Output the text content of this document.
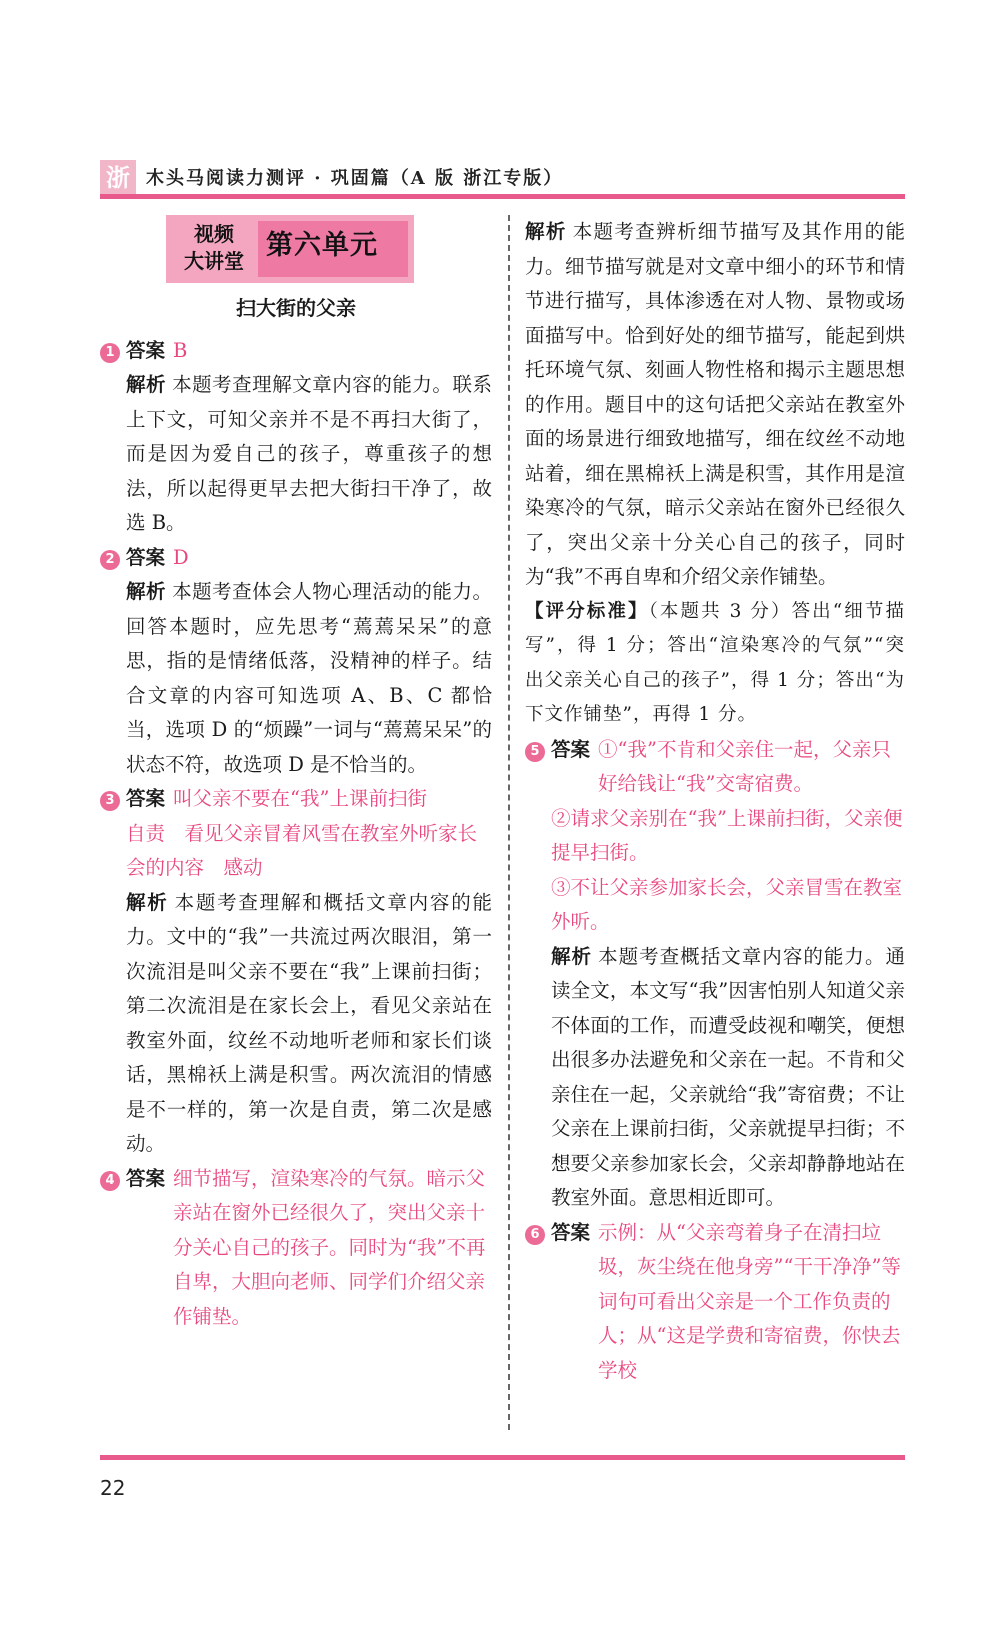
浙 木头马阅读力测评 · 巩固篇（A 版 浙江专版）
视频
大讲堂 第六单元
扫大街的父亲
1 答案 B
解析 本题考查理解文章内容的能力。联系上下文，可知父亲并不是不再扫大街了，而是因为爱自己的孩子，尊重孩子的想法，所以起得更早去把大街扫干净了，故选 B。
2 答案 D
解析 本题考查体会人物心理活动的能力。回答本题时，应先思考“蔫蔫呆呆”的意思，指的是情绪低落，没精神的样子。结合文章的内容可知选项 A、B、C 都恰当，选项 D 的“烦躁”一词与“蔫蔫呆呆”的状态不符，故选项 D 是不恰当的。
3 答案 叫父亲不要在“我”上课前扫街
自责　看见父亲冒着风雪在教室外听家长会的内容　感动
解析 本题考查理解和概括文章内容的能力。文中的“我”一共流过两次眼泪，第一次流泪是叫父亲不要在“我”上课前扫街；第二次流泪是在家长会上，看见父亲站在教室外面，纹丝不动地听老师和家长们谈话，黑棉袄上满是积雪。两次流泪的情感是不一样的，第一次是自责，第二次是感动。
4 答案 细节描写，渲染寒冷的气氛。暗示父亲站在窗外已经很久了，突出父亲十分关心自己的孩子。同时为“我”不再自卑，大胆向老师、同学们介绍父亲作铺垫。
解析 本题考查辨析细节描写及其作用的能力。细节描写就是对文章中细小的环节和情节进行描写，具体渗透在对人物、景物或场面描写中。恰到好处的细节描写，能起到烘托环境气氛、刻画人物性格和揭示主题思想的作用。题目中的这句话把父亲站在教室外面的场景进行细致地描写，细在纹丝不动地站着，细在黑棉袄上满是积雪，其作用是渲染寒冷的气氛，暗示父亲站在窗外已经很久了，突出父亲十分关心自己的孩子，同时为“我”不再自卑和介绍父亲作铺垫。
【评分标准】（本题共 3 分）答出“细节描写”，得 1 分；答出“渲染寒冷的气氛”“突出父亲关心自己的孩子”，得 1 分；答出“为下文作铺垫”，再得 1 分。
5 答案 ①“我”不肯和父亲住一起，父亲只好给钱让“我”交寄宿费。
②请求父亲别在“我”上课前扫街，父亲便提早扫街。
③不让父亲参加家长会，父亲冒雪在教室外听。
解析 本题考查概括文章内容的能力。通读全文，本文写“我”因害怕别人知道父亲不体面的工作，而遭受歧视和嘲笑，便想出很多办法避免和父亲在一起。不肯和父亲住在一起，父亲就给“我”寄宿费；不让父亲在上课前扫街，父亲就提早扫街；不想要父亲参加家长会，父亲却静静地站在教室外面。意思相近即可。
6 答案 示例：从“父亲弯着身子在清扫垃圾，灰尘绕在他身旁”“干干净净”等词句可看出父亲是一个工作负责的人；从“这是学费和寄宿费，你快去学校
22
